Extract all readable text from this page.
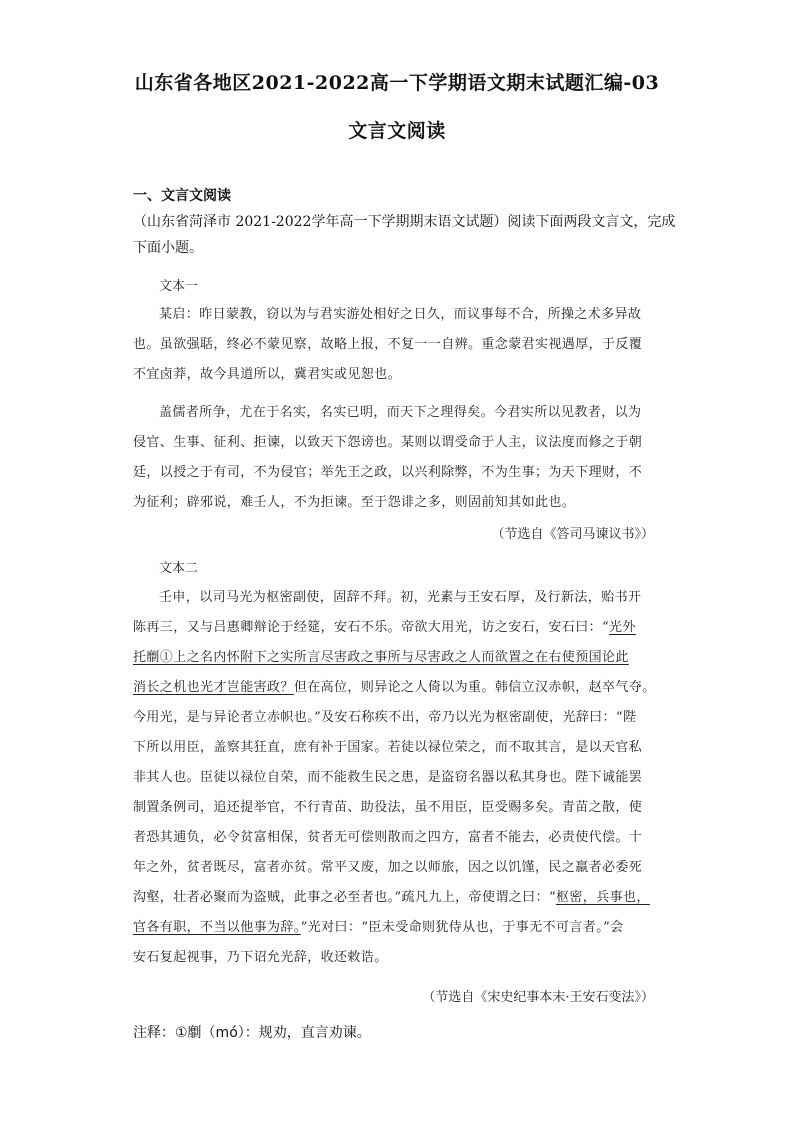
山东省各地区2021-2022高一下学期语文期末试题汇编-03
文言文阅读
一、文言文阅读
（山东省菏泽市 2021-2022学年高一下学期期末语文试题）阅读下面两段文言文，完成
下面小题。
文本一
某启：昨日蒙教，窃以为与君实游处相好之日久，而议事每不合，所操之术多异故
也。虽欲强聒，终必不蒙见察，故略上报，不复一一自辨。重念蒙君实视遇厚，于反覆
不宜卤莽，故今具道所以，冀君实或见恕也。
盖儒者所争，尤在于名实，名实已明，而天下之理得矣。今君实所以见教者，以为
侵官、生事、征利、拒谏，以致天下怨谤也。某则以谓受命于人主，议法度而修之于朝
廷，以授之于有司，不为侵官；举先王之政，以兴利除弊，不为生事；为天下理财，不
为征利；辟邪说，难壬人，不为拒谏。至于怨诽之多，则固前知其如此也。
（节选自《答司马谏议书》）
文本二
壬申，以司马光为枢密副使，固辞不拜。初，光素与王安石厚，及行新法，贻书开
陈再三，又与吕惠卿辩论于经筵，安石不乐。帝欲大用光，访之安石，安石曰：“光外
托劘①上之名内怀附下之实所言尽害政之事所与尽害政之人而欲置之在右使预国论此
消长之机也光才岂能害政？但在高位，则异论之人倚以为重。韩信立汉赤帜，赵卒气夺。
今用光，是与异论者立赤帜也。”及安石称疾不出，帝乃以光为枢密副使，光辞曰：“陛
下所以用臣，盖察其狂直，庶有补于国家。若徒以禄位荣之，而不取其言，是以天官私
非其人也。臣徒以禄位自荣，而不能救生民之患，是盗窃名器以私其身也。陛下诚能罢
制置条例司，追还提举官，不行青苗、助役法，虽不用臣，臣受赐多矣。青苗之散，使
者恐其逋负，必令贫富相保，贫者无可偿则散而之四方，富者不能去，必责使代偿。十
年之外，贫者既尽，富者亦贫。常平又废，加之以师旅，因之以饥馑，民之羸者必委死
沟壑，壮者必聚而为盗贼，此事之必至者也。”疏凡九上，帝使谓之曰：“枢密，兵事也，
官各有职，不当以他事为辞。”光对曰：“臣未受命则犹侍从也，于事无不可言者。”会
安石复起视事，乃下诏允光辞，收还敕诰。
（节选自《宋史纪事本末·王安石变法》）
注释：①劘（mó）：规劝，直言劝谏。
